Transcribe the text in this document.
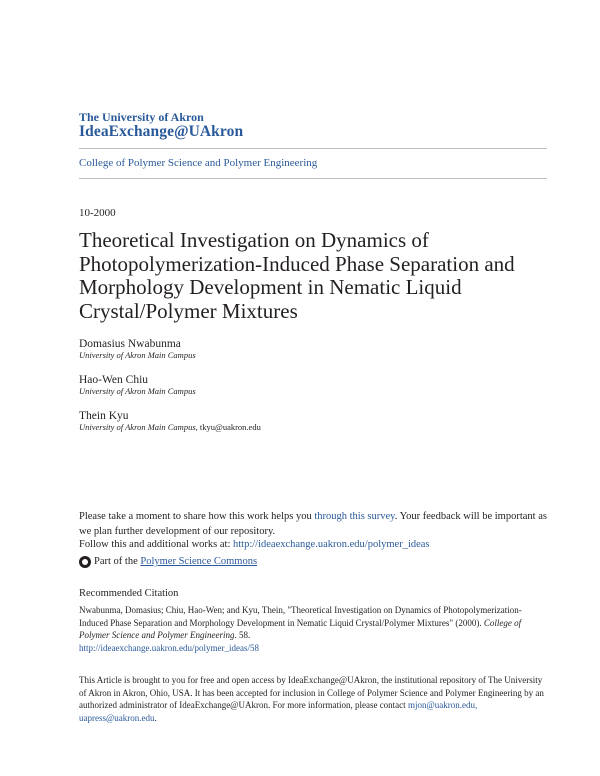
The University of Akron
IdeaExchange@UAkron
College of Polymer Science and Polymer Engineering
10-2000
Theoretical Investigation on Dynamics of Photopolymerization-Induced Phase Separation and Morphology Development in Nematic Liquid Crystal/Polymer Mixtures
Domasius Nwabunma
University of Akron Main Campus
Hao-Wen Chiu
University of Akron Main Campus
Thein Kyu
University of Akron Main Campus, tkyu@uakron.edu
Please take a moment to share how this work helps you through this survey. Your feedback will be important as we plan further development of our repository.
Follow this and additional works at: http://ideaexchange.uakron.edu/polymer_ideas
Part of the
Polymer Science Commons
Recommended Citation
Nwabunma, Domasius; Chiu, Hao-Wen; and Kyu, Thein, "Theoretical Investigation on Dynamics of Photopolymerization-Induced Phase Separation and Morphology Development in Nematic Liquid Crystal/Polymer Mixtures" (2000). College of Polymer Science and Polymer Engineering. 58.
http://ideaexchange.uakron.edu/polymer_ideas/58
This Article is brought to you for free and open access by IdeaExchange@UAkron, the institutional repository of The University of Akron in Akron, Ohio, USA. It has been accepted for inclusion in College of Polymer Science and Polymer Engineering by an authorized administrator of IdeaExchange@UAkron. For more information, please contact mjon@uakron.edu, uapress@uakron.edu.
